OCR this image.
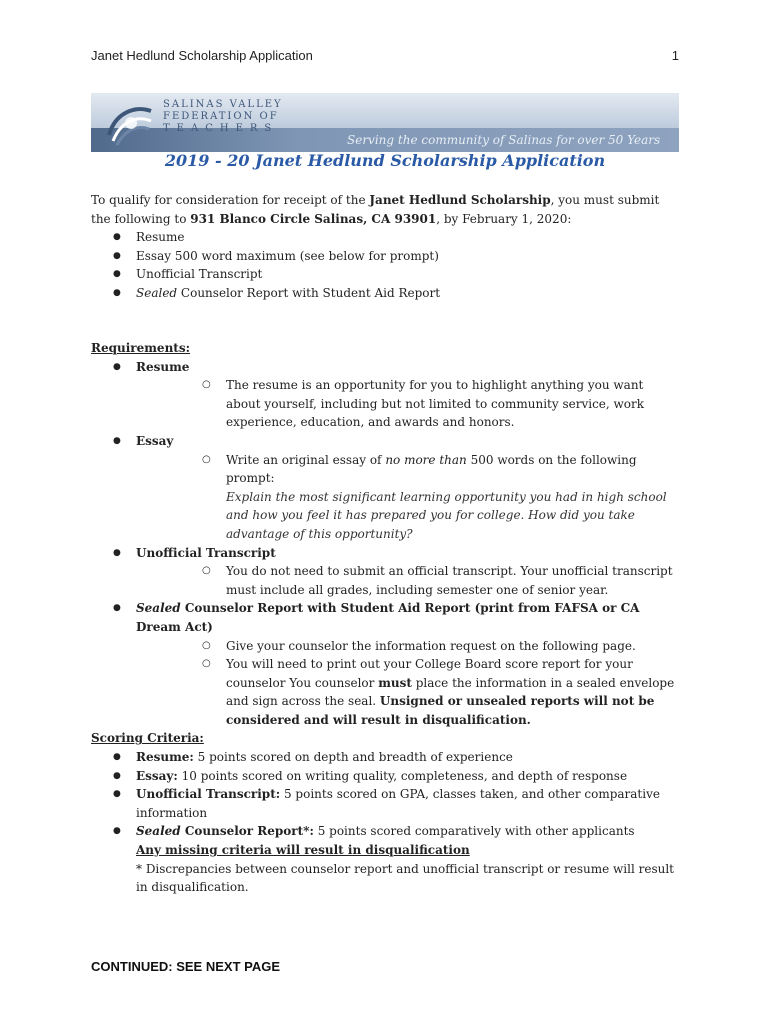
Janet Hedlund Scholarship Application	1
SALINAS VALLEY
FEDERATION OF
TEACHERS
Serving the community of Salinas for over 50 Years
2019 - 20 Janet Hedlund Scholarship Application
To qualify for consideration for receipt of the Janet Hedlund Scholarship, you must submit the following to 931 Blanco Circle Salinas, CA 93901, by February 1, 2020:
● Resume
● Essay 500 word maximum (see below for prompt)
● Unofficial Transcript
● Sealed Counselor Report with Student Aid Report
Requirements:
● Resume
○ The resume is an opportunity for you to highlight anything you want about yourself, including but not limited to community service, work experience, education, and awards and honors.
● Essay
○ Write an original essay of no more than 500 words on the following prompt:
Explain the most significant learning opportunity you had in high school and how you feel it has prepared you for college. How did you take advantage of this opportunity?
● Unofficial Transcript
○ You do not need to submit an official transcript. Your unofficial transcript must include all grades, including semester one of senior year.
● Sealed Counselor Report with Student Aid Report (print from FAFSA or CA Dream Act)
○ Give your counselor the information request on the following page.
○ You will need to print out your College Board score report for your counselor You counselor must place the information in a sealed envelope and sign across the seal. Unsigned or unsealed reports will not be considered and will result in disqualification.
Scoring Criteria:
● Resume: 5 points scored on depth and breadth of experience
● Essay: 10 points scored on writing quality, completeness, and depth of response
● Unofficial Transcript: 5 points scored on GPA, classes taken, and other comparative information
● Sealed Counselor Report*: 5 points scored comparatively with other applicants
Any missing criteria will result in disqualification
* Discrepancies between counselor report and unofficial transcript or resume will result in disqualification.
CONTINUED: SEE NEXT PAGE
